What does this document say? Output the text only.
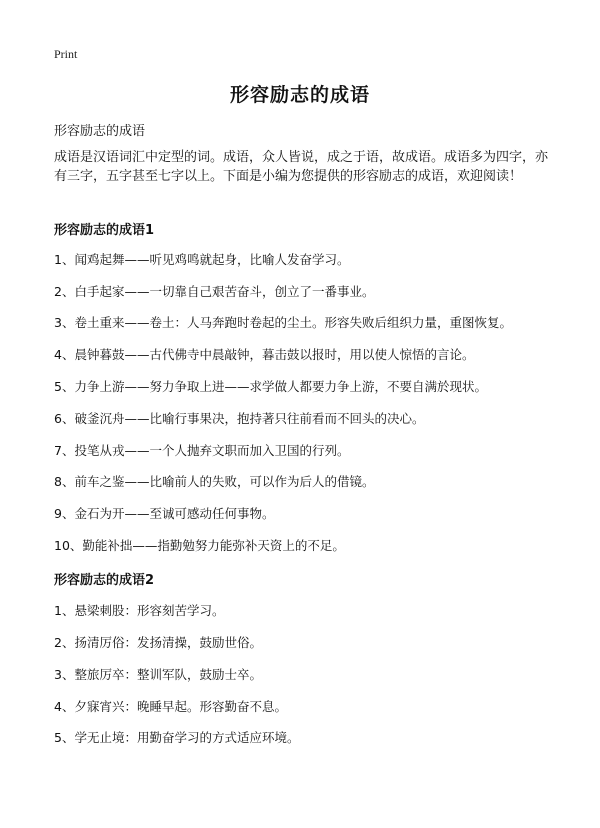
Print
形容励志的成语
形容励志的成语

成语是汉语词汇中定型的词。成语，众人皆说，成之于语，故成语。成语多为四字，亦有三字，五字甚至七字以上。下面是小编为您提供的形容励志的成语，欢迎阅读！

形容励志的成语1

1、闻鸡起舞——听见鸡鸣就起身，比喻人发奋学习。

2、白手起家——一切靠自己艰苦奋斗，创立了一番事业。

3、卷土重来——卷土：人马奔跑时卷起的尘土。形容失败后组织力量，重图恢复。

4、晨钟暮鼓——古代佛寺中晨敲钟，暮击鼓以报时，用以使人惊悟的言论。

5、力争上游——努力争取上进——求学做人都要力争上游，不要自满於现状。

6、破釜沉舟——比喻行事果决，抱持著只往前看而不回头的决心。

7、投笔从戎——一个人抛弃文职而加入卫国的行列。

8、前车之鉴——比喻前人的失败，可以作为后人的借镜。

9、金石为开——至诚可感动任何事物。

10、勤能补拙——指勤勉努力能弥补天资上的不足。

形容励志的成语2

1、悬梁刺股：形容刻苦学习。

2、扬清厉俗：发扬清操，鼓励世俗。

3、整旅厉卒：整训军队，鼓励士卒。

4、夕寐宵兴：晚睡早起。形容勤奋不息。

5、学无止境：用勤奋学习的方式适应环境。
